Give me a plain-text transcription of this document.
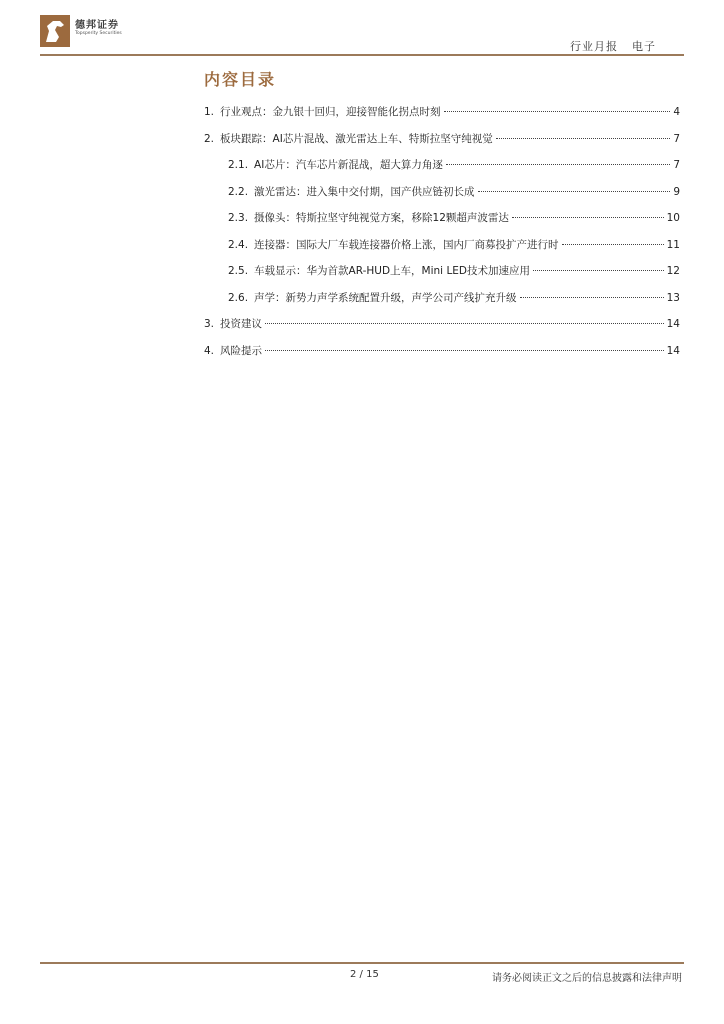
德邦证券
Topsperity Securities
行业月报 电子
内容目录
1. 行业观点：金九银十回归，迎接智能化拐点时刻	4
2. 板块跟踪：AI芯片混战、激光雷达上车、特斯拉坚守纯视觉	7
2.1. AI芯片：汽车芯片新混战，超大算力角逐	7
2.2. 激光雷达：进入集中交付期，国产供应链初长成	9
2.3. 摄像头：特斯拉坚守纯视觉方案，移除12颗超声波雷达	10
2.4. 连接器：国际大厂车载连接器价格上涨，国内厂商募投扩产进行时	11
2.5. 车载显示：华为首款AR-HUD上车，Mini LED技术加速应用	12
2.6. 声学：新势力声学系统配置升级，声学公司产线扩充升级	13
3. 投资建议	14
4. 风险提示	14
2 / 15	请务必阅读正文之后的信息披露和法律声明
